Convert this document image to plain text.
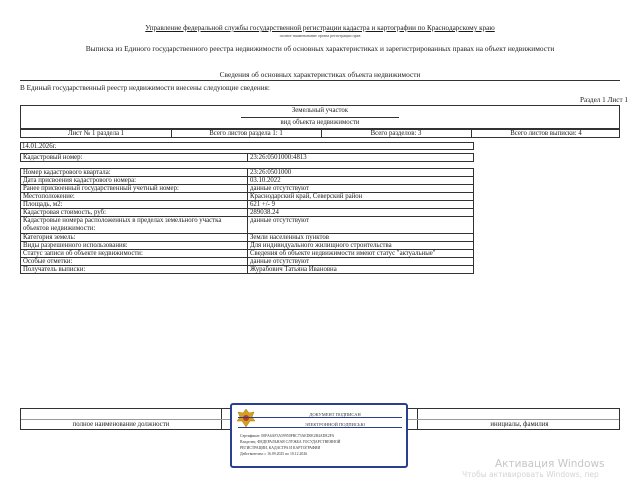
Управление федеральной службы государственной регистрации кадастра и картографии по Краснодарскому краю
полное наименование органа регистрации прав
Выписка из Единого государственного реестра недвижимости об основных характеристиках и зарегистрированных правах на объект недвижимости
Сведения об основных характеристиках объекта недвижимости
В Единый государственный реестр недвижимости внесены следующие сведения:
Раздел 1 Лист 1
Земельный участок
вид объекта недвижимости
Лист № 1 раздела 1	Всего листов раздела 1: 1	Всего разделов: 3	Всего листов выписки: 4
14.01.2026г.
Кадастровый номер:	23:26:0501000:4813
Номер кадастрового квартала:	23:26:0501000
Дата присвоения кадастрового номера:	03.10.2022
Ранее присвоенный государственный учетный номер:	данные отсутствуют
Местоположение:	Краснодарский край, Северский район
Площадь, м2:	621 +/- 9
Кадастровая стоимость, руб:	289038.24
Кадастровые номера расположенных в пределах земельного участка объектов недвижимости:	данные отсутствуют
Категория земель:	Земли населенных пунктов
Виды разрешенного использования:	Для индивидуального жилищного строительства
Статус записи об объекте недвижимости:	Сведения об объекте недвижимости имеют статус "актуальные"
Особые отметки:	данные отсутствуют
Получатель выписки:	Журабович Татьяна Ивановна
полное наименование должности	инициалы, фамилия
ДОКУМЕНТ ПОДПИСАН
ЭЛЕКТРОННОЙ ПОДПИСЬЮ
Сертификат: 00FA6AF3A59950FBC73AED0E2B4ADE2FA
Владелец: ФЕДЕРАЛЬНАЯ СЛУЖБА ГОСУДАРСТВЕННОЙ
РЕГИСТРАЦИИ, КАДАСТРА И КАРТОГРАФИИ
Действителен: с 16.09.2025 по 10.12.2026
Активация Windows
Чтобы активировать Windows, пер
